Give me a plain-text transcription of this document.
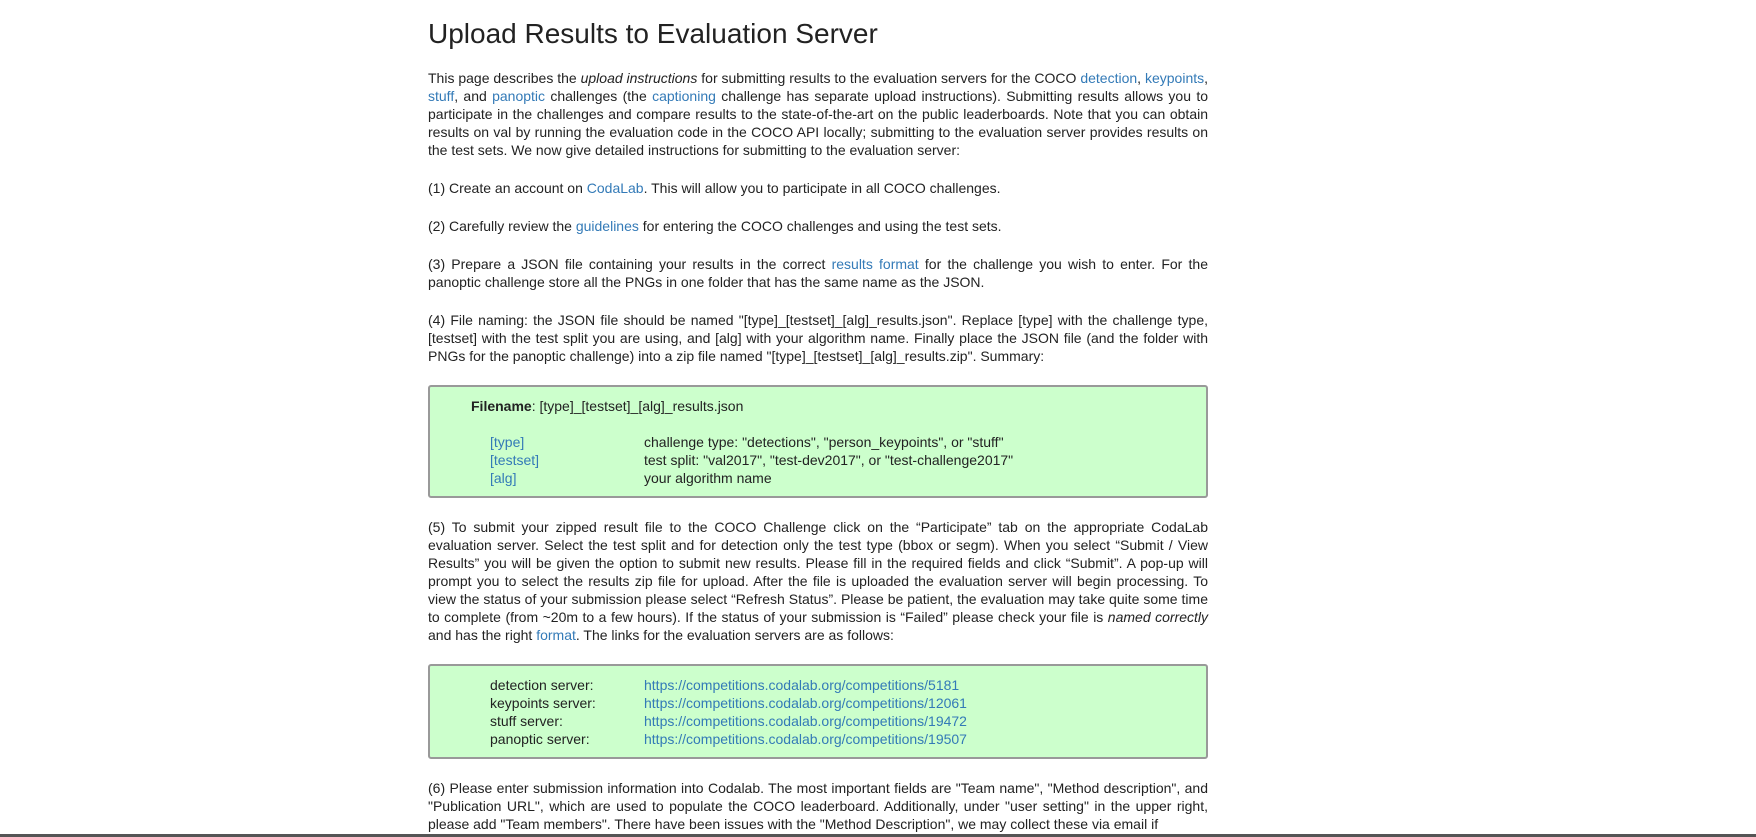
Upload Results to Evaluation Server

This page describes the upload instructions for submitting results to the evaluation servers for the COCO detection, keypoints, stuff, and panoptic challenges (the captioning challenge has separate upload instructions). Submitting results allows you to participate in the challenges and compare results to the state-of-the-art on the public leaderboards. Note that you can obtain results on val by running the evaluation code in the COCO API locally; submitting to the evaluation server provides results on the test sets. We now give detailed instructions for submitting to the evaluation server:

(1) Create an account on CodaLab. This will allow you to participate in all COCO challenges.

(2) Carefully review the guidelines for entering the COCO challenges and using the test sets.

(3) Prepare a JSON file containing your results in the correct results format for the challenge you wish to enter. For the panoptic challenge store all the PNGs in one folder that has the same name as the JSON.

(4) File naming: the JSON file should be named "[type]_[testset]_[alg]_results.json". Replace [type] with the challenge type, [testset] with the test split you are using, and [alg] with your algorithm name. Finally place the JSON file (and the folder with PNGs for the panoptic challenge) into a zip file named "[type]_[testset]_[alg]_results.zip". Summary:

Filename: [type]_[testset]_[alg]_results.json
[type]	challenge type: "detections", "person_keypoints", or "stuff"
[testset]	test split: "val2017", "test-dev2017", or "test-challenge2017"
[alg]	your algorithm name

(5) To submit your zipped result file to the COCO Challenge click on the “Participate” tab on the appropriate CodaLab evaluation server. Select the test split and for detection only the test type (bbox or segm). When you select “Submit / View Results” you will be given the option to submit new results. Please fill in the required fields and click “Submit”. A pop-up will prompt you to select the results zip file for upload. After the file is uploaded the evaluation server will begin processing. To view the status of your submission please select “Refresh Status”. Please be patient, the evaluation may take quite some time to complete (from ~20m to a few hours). If the status of your submission is “Failed” please check your file is named correctly and has the right format. The links for the evaluation servers are as follows:

detection server:	https://competitions.codalab.org/competitions/5181
keypoints server:	https://competitions.codalab.org/competitions/12061
stuff server:	https://competitions.codalab.org/competitions/19472
panoptic server:	https://competitions.codalab.org/competitions/19507

(6) Please enter submission information into Codalab. The most important fields are "Team name", "Method description", and "Publication URL", which are used to populate the COCO leaderboard. Additionally, under "user setting" in the upper right, please add "Team members". There have been issues with the "Method Description", we may collect these via email if
